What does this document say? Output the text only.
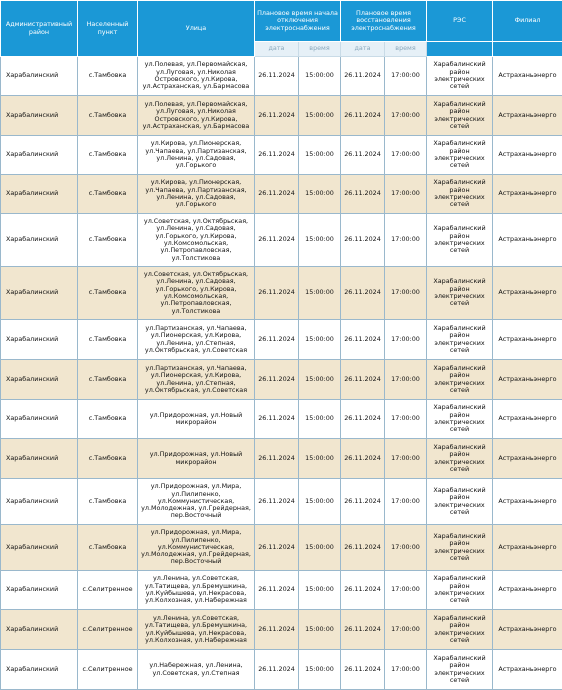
Административный район	Населенный пункт	Улица	Плановое время начала отключения электроснабжения		Плановое время восстановления электроснабжения		РЭС	Филиал
			дата	время	дата	время		
Харабалинский	с.Тамбовка	ул.Полевая, ул.Первомайская, ул.Луговая, ул.Николая Островского, ул.Кирова, ул.Астраханская, ул.Бармасова	26.11.2024	15:00:00	26.11.2024	17:00:00	Харабалинский район электрических сетей	Астраханьэнерго
Харабалинский	с.Тамбовка	ул.Полевая, ул.Первомайская, ул.Луговая, ул.Николая Островского, ул.Кирова, ул.Астраханская, ул.Бармасова	26.11.2024	15:00:00	26.11.2024	17:00:00	Харабалинский район электрических сетей	Астраханьэнерго
Харабалинский	с.Тамбовка	ул.Кирова, ул.Пионерская, ул.Чапаева, ул.Партизанская, ул.Ленина, ул.Садовая, ул.Горького	26.11.2024	15:00:00	26.11.2024	17:00:00	Харабалинский район электрических сетей	Астраханьэнерго
Харабалинский	с.Тамбовка	ул.Кирова, ул.Пионерская, ул.Чапаева, ул.Партизанская, ул.Ленина, ул.Садовая, ул.Горького	26.11.2024	15:00:00	26.11.2024	17:00:00	Харабалинский район электрических сетей	Астраханьэнерго
Харабалинский	с.Тамбовка	ул.Советская, ул.Октябрьская, ул.Ленина, ул.Садовая, ул.Горького, ул.Кирова, ул.Комсомольская, ул.Петропавловская, ул.Толстикова	26.11.2024	15:00:00	26.11.2024	17:00:00	Харабалинский район электрических сетей	Астраханьэнерго
Харабалинский	с.Тамбовка	ул.Советская, ул.Октябрьская, ул.Ленина, ул.Садовая, ул.Горького, ул.Кирова, ул.Комсомольская, ул.Петропавловская, ул.Толстикова	26.11.2024	15:00:00	26.11.2024	17:00:00	Харабалинский район электрических сетей	Астраханьэнерго
Харабалинский	с.Тамбовка	ул.Партизанская, ул.Чапаева, ул.Пионерская, ул.Кирова, ул.Ленина, ул.Степная, ул.Октябрьская, ул.Советская	26.11.2024	15:00:00	26.11.2024	17:00:00	Харабалинский район электрических сетей	Астраханьэнерго
Харабалинский	с.Тамбовка	ул.Партизанская, ул.Чапаева, ул.Пионерская, ул.Кирова, ул.Ленина, ул.Степная, ул.Октябрьская, ул.Советская	26.11.2024	15:00:00	26.11.2024	17:00:00	Харабалинский район электрических сетей	Астраханьэнерго
Харабалинский	с.Тамбовка	ул.Придорожная, ул.Новый микрорайон	26.11.2024	15:00:00	26.11.2024	17:00:00	Харабалинский район электрических сетей	Астраханьэнерго
Харабалинский	с.Тамбовка	ул.Придорожная, ул.Новый микрорайон	26.11.2024	15:00:00	26.11.2024	17:00:00	Харабалинский район электрических сетей	Астраханьэнерго
Харабалинский	с.Тамбовка	ул.Придорожная, ул.Мира, ул.Пилипенко, ул.Коммунистическая, ул.Молодежная, ул.Грейдерная, пер.Восточный	26.11.2024	15:00:00	26.11.2024	17:00:00	Харабалинский район электрических сетей	Астраханьэнерго
Харабалинский	с.Тамбовка	ул.Придорожная, ул.Мира, ул.Пилипенко, ул.Коммунистическая, ул.Молодежная, ул.Грейдерная, пер.Восточный	26.11.2024	15:00:00	26.11.2024	17:00:00	Харабалинский район электрических сетей	Астраханьэнерго
Харабалинский	с.Селитренное	ул.Ленина, ул.Советская, ул.Татищева, ул.Бремушкина, ул.Куйбышева, ул.Некрасова, ул.Колхозная, ул.Набережная	26.11.2024	15:00:00	26.11.2024	17:00:00	Харабалинский район электрических сетей	Астраханьэнерго
Харабалинский	с.Селитренное	ул.Ленина, ул.Советская, ул.Татищева, ул.Бремушкина, ул.Куйбышева, ул.Некрасова, ул.Колхозная, ул.Набережная	26.11.2024	15:00:00	26.11.2024	17:00:00	Харабалинский район электрических сетей	Астраханьэнерго
Харабалинский	с.Селитренное	ул.Набережная, ул.Ленина, ул.Советская, ул.Степная	26.11.2024	15:00:00	26.11.2024	17:00:00	Харабалинский район электрических сетей	Астраханьэнерго
